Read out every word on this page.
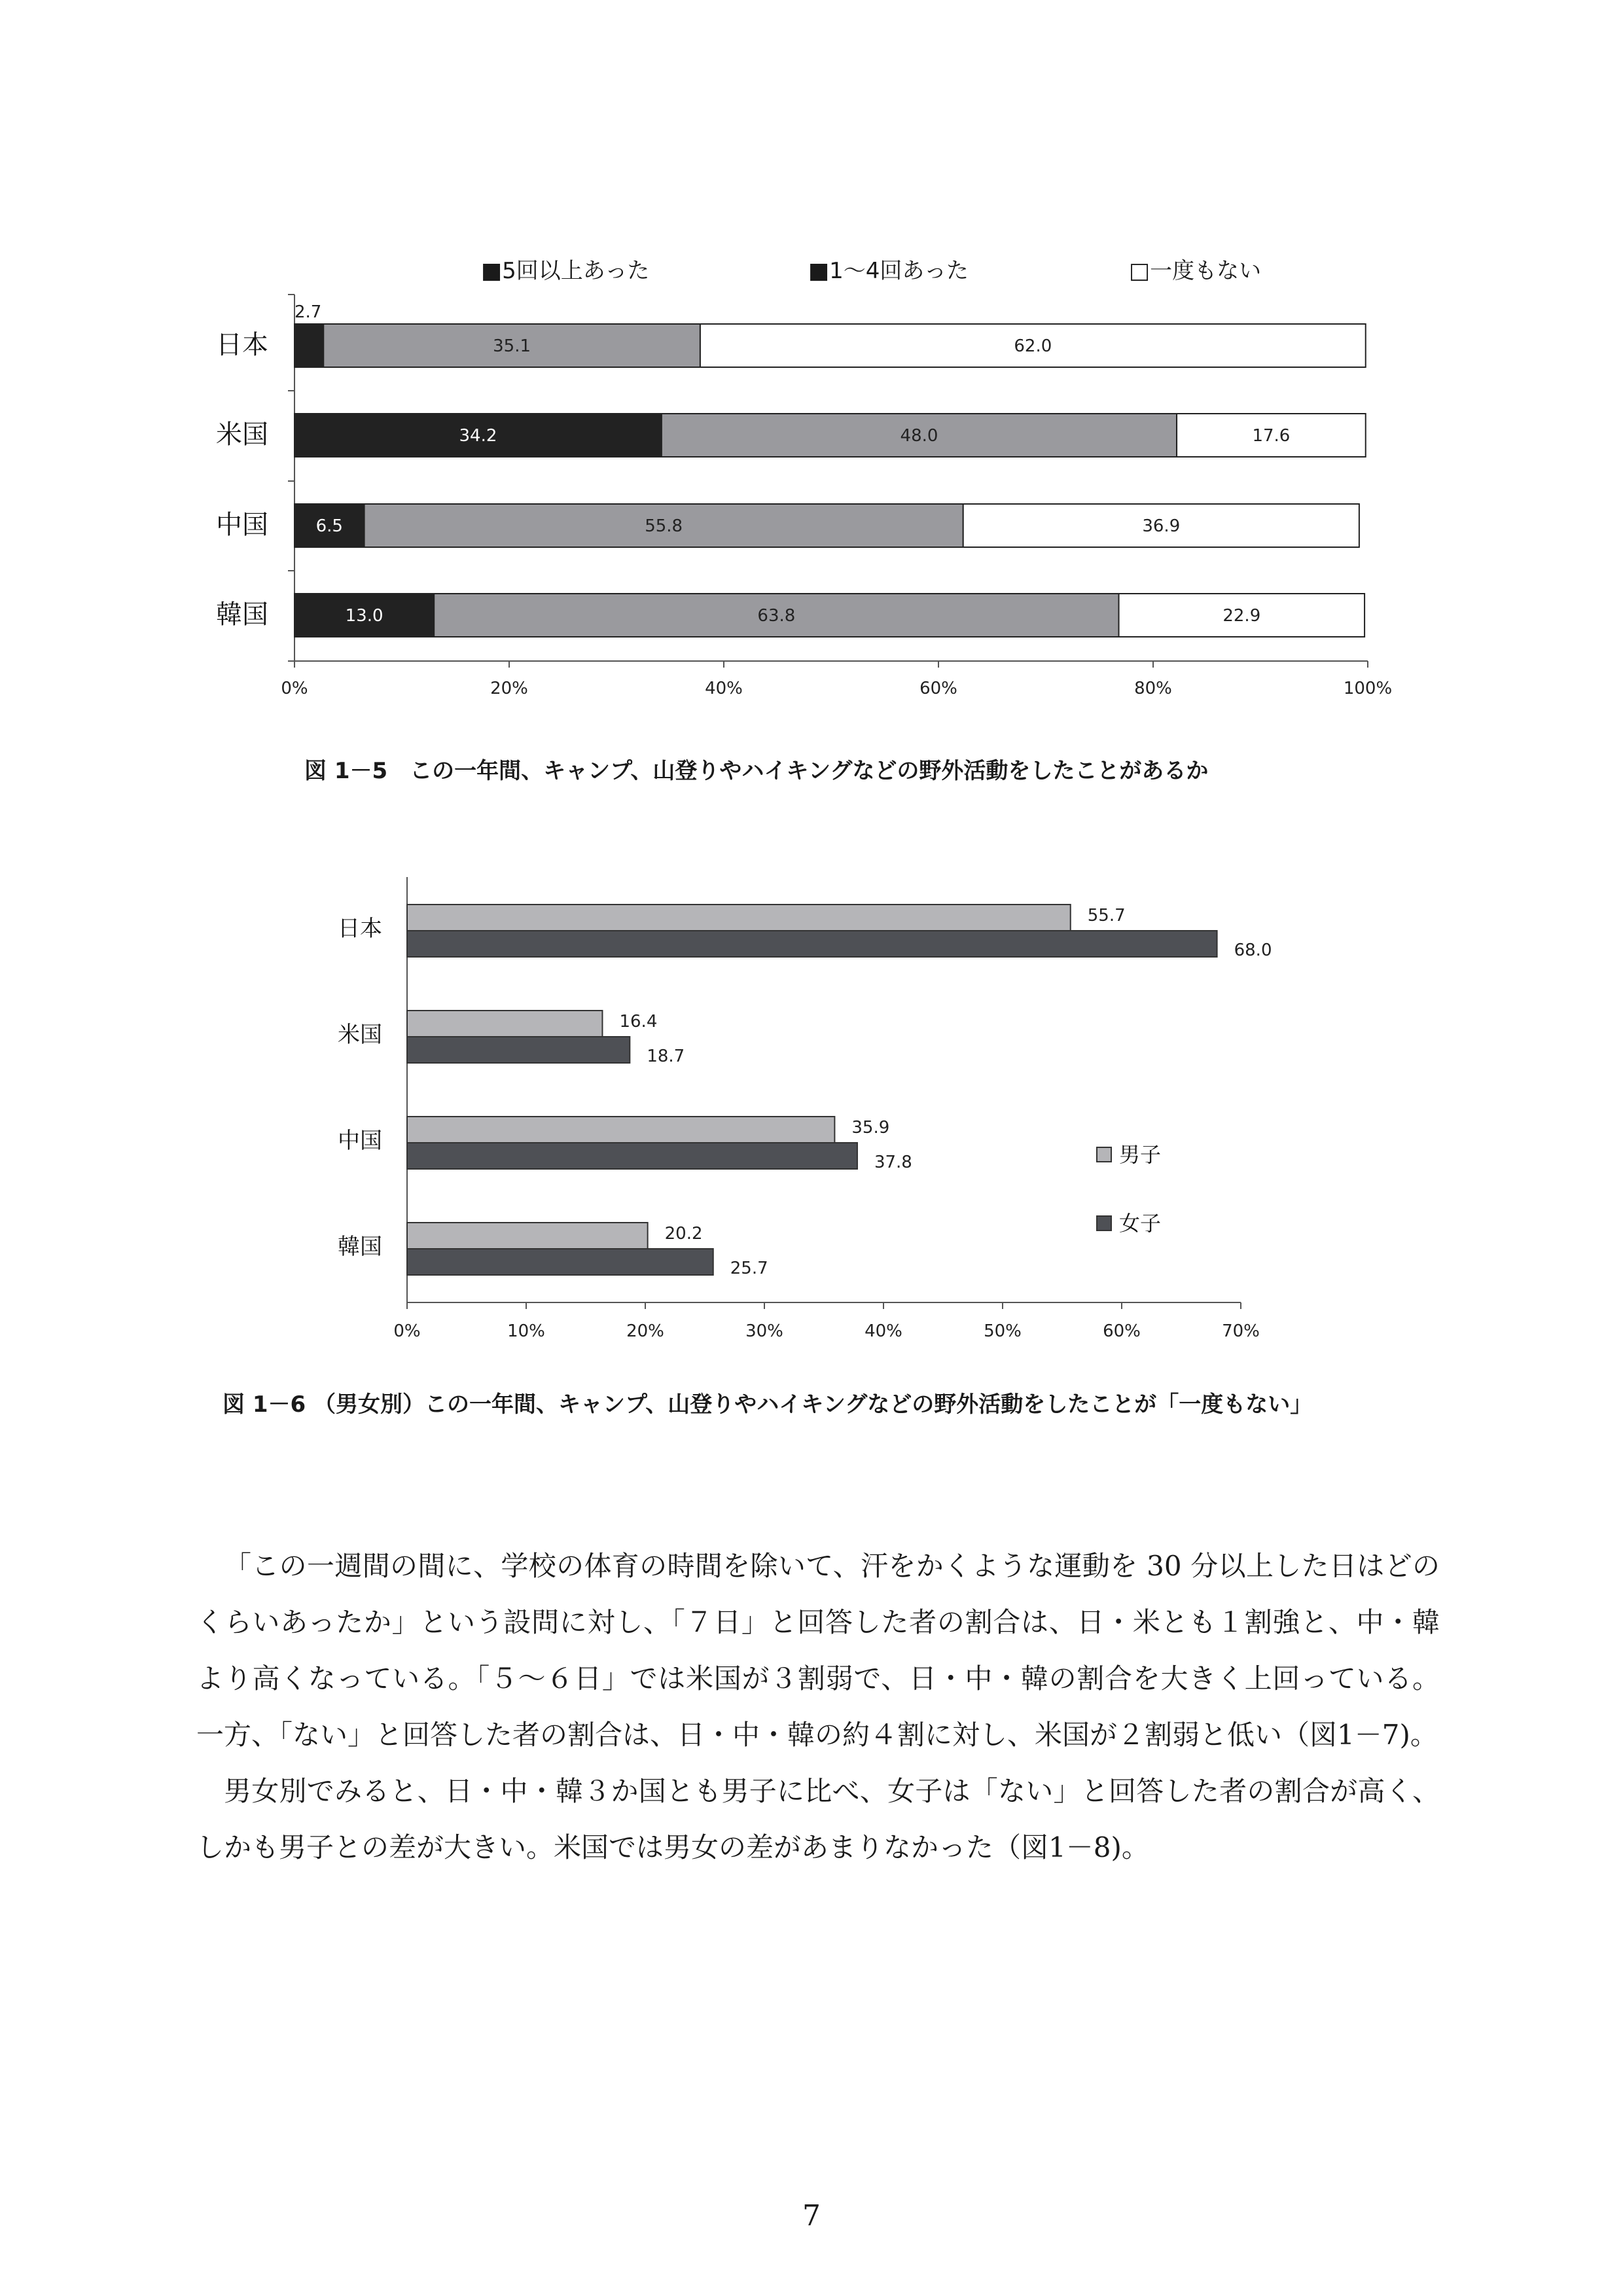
■5回以上あった	■1～4回あった	□一度もない
0%	20%	40%	60%	80%	100%
日本
米国
中国
韓国
2.7
35.1	62.0
34.2	48.0	17.6
6.5	55.8	36.9
13.0	63.8	22.9
図 1－5　この一年間、キャンプ、山登りやハイキングなどの野外活動をしたことがあるか
0%	10%	20%	30%	40%	50%	60%	70%
日本	55.7
68.0
米国	16.4
18.7
中国	35.9
37.8
韓国	20.2
25.7
男子
女子
図 1－6 （男女別）この一年間、キャンプ、山登りやハイキングなどの野外活動をしたことが「一度もない」

「この一週間の間に、学校の体育の時間を除いて、汗をかくような運動を 30 分以上した日はどのくらいあったか」という設問に対し、「７日」と回答した者の割合は、日・米とも１割強と、中・韓より高くなっている。「５～６日」では米国が３割弱で、日・中・韓の割合を大きく上回っている。一方、「ない」と回答した者の割合は、日・中・韓の約４割に対し、米国が２割弱と低い（図1－7)。

男女別でみると、日・中・韓３か国とも男子に比べ、女子は「ない」と回答した者の割合が高く、しかも男子との差が大きい。米国では男女の差があまりなかった（図1－8)。

7
